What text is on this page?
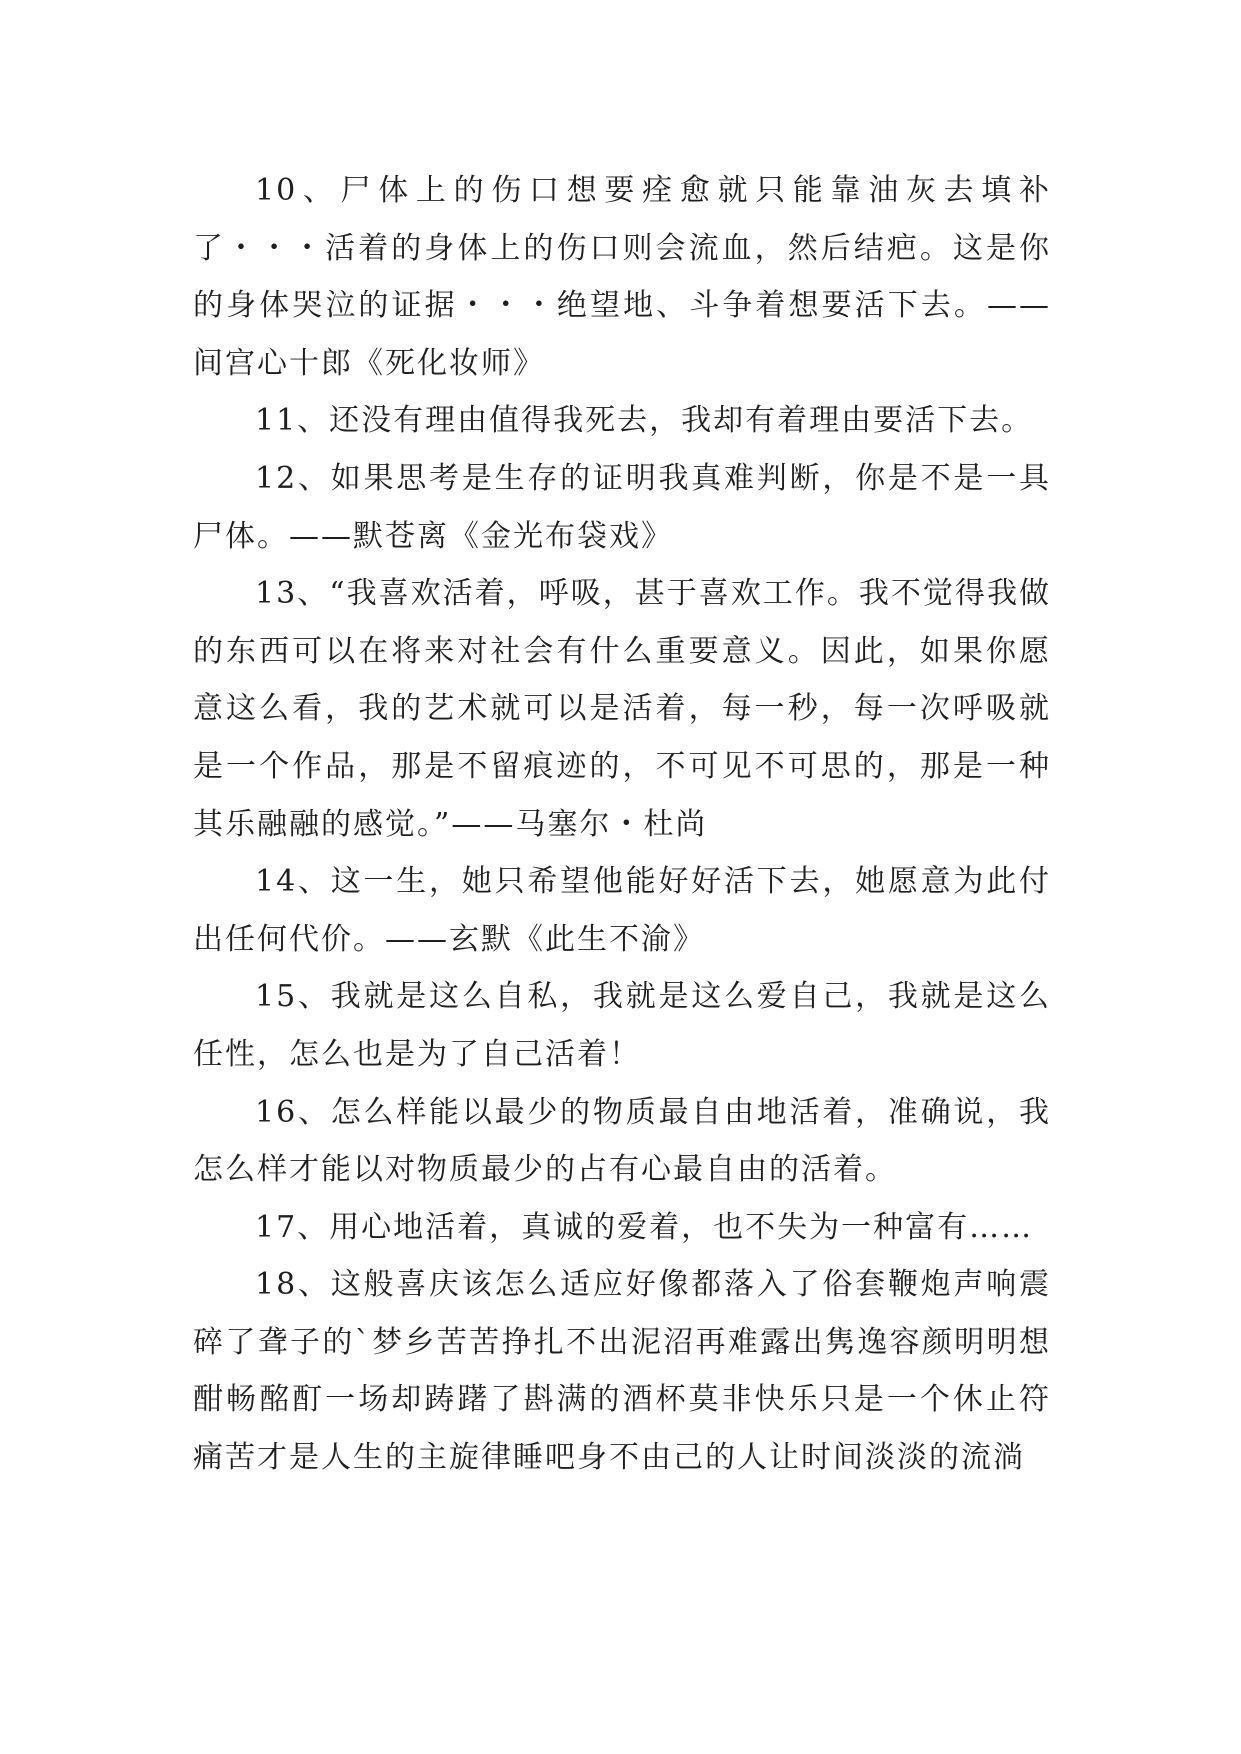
10、尸体上的伤口想要痊愈就只能靠油灰去填补了・・・活着的身体上的伤口则会流血，然后结疤。这是你的身体哭泣的证据・・・绝望地、斗争着想要活下去。——间宫心十郎《死化妆师》

11、还没有理由值得我死去，我却有着理由要活下去。

12、如果思考是生存的证明我真难判断，你是不是一具尸体。——默苍离《金光布袋戏》

13、“我喜欢活着，呼吸，甚于喜欢工作。我不觉得我做的东西可以在将来对社会有什么重要意义。因此，如果你愿意这么看，我的艺术就可以是活着，每一秒，每一次呼吸就是一个作品，那是不留痕迹的，不可见不可思的，那是一种其乐融融的感觉。”——马塞尔・杜尚

14、这一生，她只希望他能好好活下去，她愿意为此付出任何代价。——玄默《此生不渝》

15、我就是这么自私，我就是这么爱自己，我就是这么任性，怎么也是为了自己活着！

16、怎么样能以最少的物质最自由地活着，准确说，我怎么样才能以对物质最少的占有心最自由的活着。

17、用心地活着，真诚的爱着，也不失为一种富有……

18、这般喜庆该怎么适应好像都落入了俗套鞭炮声响震碎了聋子的`梦乡苦苦挣扎不出泥沼再难露出隽逸容颜明明想酣畅酩酊一场却踌躇了斟满的酒杯莫非快乐只是一个休止符痛苦才是人生的主旋律睡吧身不由己的人让时间淡淡的流淌
